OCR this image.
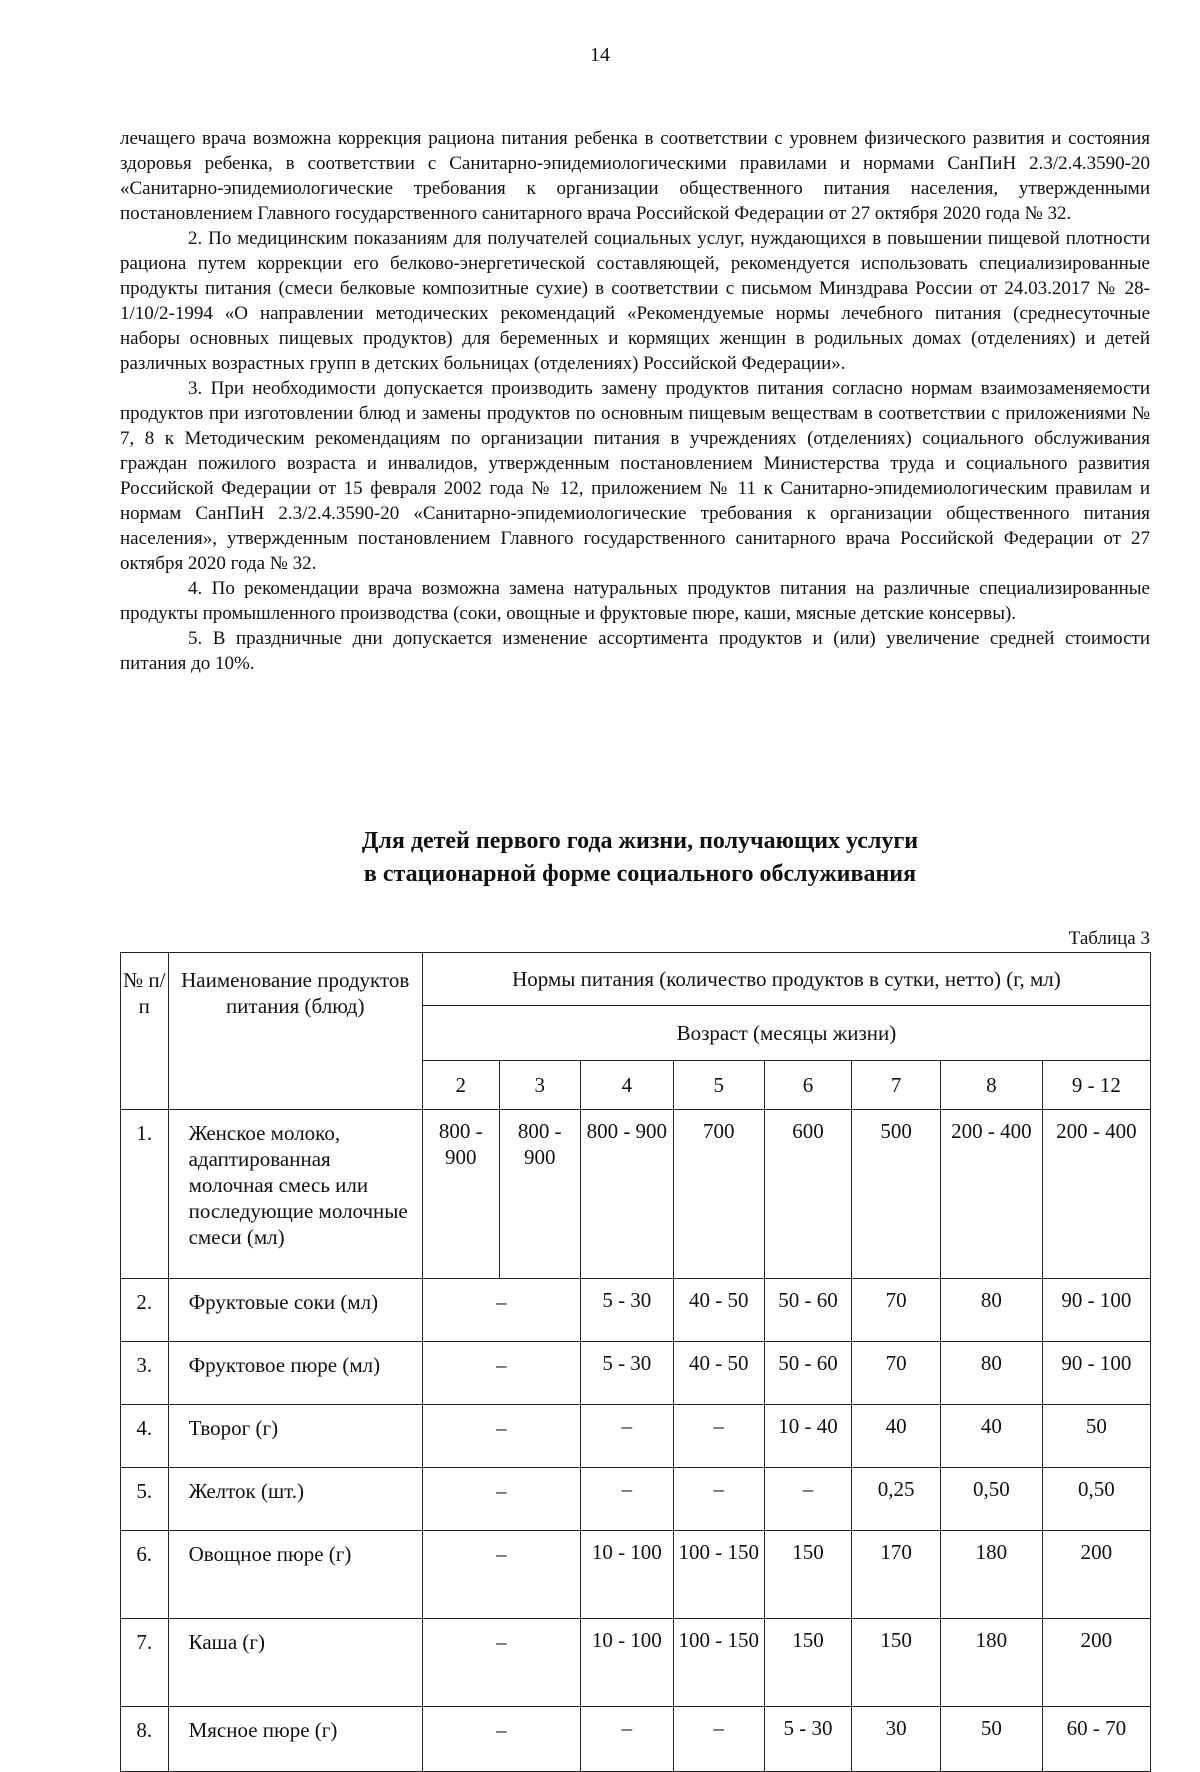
14

лечащего врача возможна коррекция рациона питания ребенка в соответствии с уровнем физического развития и состояния здоровья ребенка, в соответствии с Санитарно-эпидемиологическими правилами и нормами СанПиН 2.3/2.4.3590-20 «Санитарно-эпидемиологические требования к организации общественного питания населения, утвержденными постановлением Главного государственного санитарного врача Российской Федерации от 27 октября 2020 года № 32.

2. По медицинским показаниям для получателей социальных услуг, нуждающихся в повышении пищевой плотности рациона путем коррекции его белково-энергетической составляющей, рекомендуется использовать специализированные продукты питания (смеси белковые композитные сухие) в соответствии с письмом Минздрава России от 24.03.2017 № 28-1/10/2-1994 «О направлении методических рекомендаций «Рекомендуемые нормы лечебного питания (среднесуточные наборы основных пищевых продуктов) для беременных и кормящих женщин в родильных домах (отделениях) и детей различных возрастных групп в детских больницах (отделениях) Российской Федерации».

3. При необходимости допускается производить замену продуктов питания согласно нормам взаимозаменяемости продуктов при изготовлении блюд и замены продуктов по основным пищевым веществам в соответствии с приложениями № 7, 8 к Методическим рекомендациям по организации питания в учреждениях (отделениях) социального обслуживания граждан пожилого возраста и инвалидов, утвержденным постановлением Министерства труда и социального развития Российской Федерации от 15 февраля 2002 года № 12, приложением № 11 к Санитарно-эпидемиологическим правилам и нормам СанПиН 2.3/2.4.3590-20 «Санитарно-эпидемиологические требования к организации общественного питания населения», утвержденным постановлением Главного государственного санитарного врача Российской Федерации от 27 октября 2020 года № 32.

4. По рекомендации врача возможна замена натуральных продуктов питания на различные специализированные продукты промышленного производства (соки, овощные и фруктовые пюре, каши, мясные детские консервы).

5. В праздничные дни допускается изменение ассортимента продуктов и (или) увеличение средней стоимости питания до 10%.

Для детей первого года жизни, получающих услуги
в стационарной форме социального обслуживания
Таблица 3
№ п/п	Наименование продуктов питания (блюд)	Нормы питания (количество продуктов в сутки, нетто) (г, мл)							
		Возраст (месяцы жизни)							
		2	3	4	5	6	7	8	9 - 12
1.	Женское молоко, адаптированная молочная смесь или последующие молочные смеси (мл)	800 - 900	800 - 900	800 - 900	700	600	500	200 - 400	200 - 400
2.	Фруктовые соки (мл)	–		5 - 30	40 - 50	50 - 60	70	80	90 - 100
3.	Фруктовое пюре (мл)	–		5 - 30	40 - 50	50 - 60	70	80	90 - 100
4.	Творог (г)	–		–	–	10 - 40	40	40	50
5.	Желток (шт.)	–		–	–	–	0,25	0,50	0,50
6.	Овощное пюре (г)	–		10 - 100	100 - 150	150	170	180	200
7.	Каша (г)	–		10 - 100	100 - 150	150	150	180	200
8.	Мясное пюре (г)	–		–	–	5 - 30	30	50	60 - 70
